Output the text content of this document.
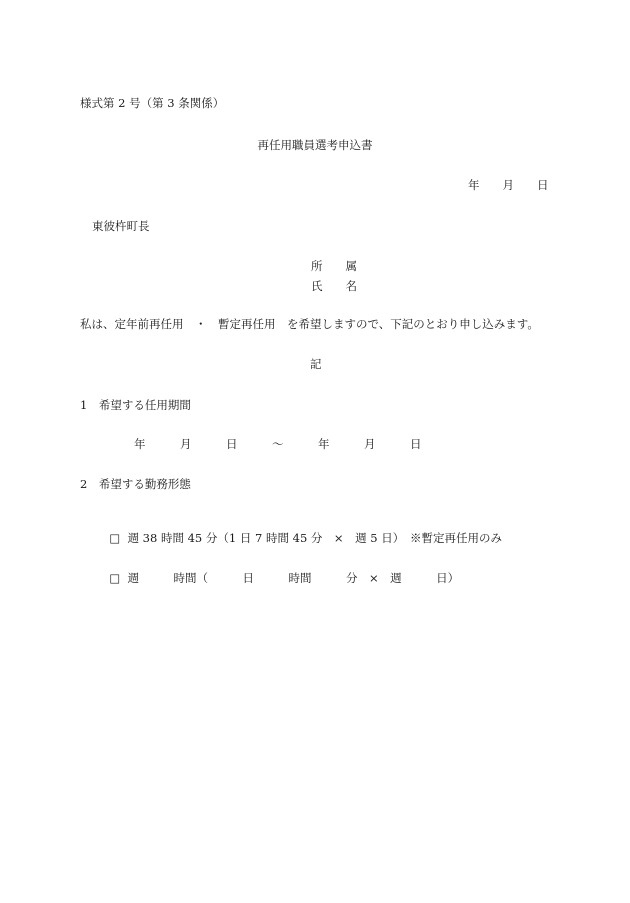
様式第 2 号（第 3 条関係）
再任用職員選考申込書
年　　月　　日
東彼杵町長
所　　属
氏　　名
私は、定年前再任用　・　暫定再任用　を希望しますので、下記のとおり申し込みます。
記
1　希望する任用期間
年　　　月　　　日　　　～　　　年　　　月　　　日
2　希望する勤務形態

□ 週 38 時間 45 分（1 日 7 時間 45 分　×　週 5 日）　※暫定再任用のみ

□ 週　　　時間（　　　日　　　時間　　　分　×　週　　　日）
